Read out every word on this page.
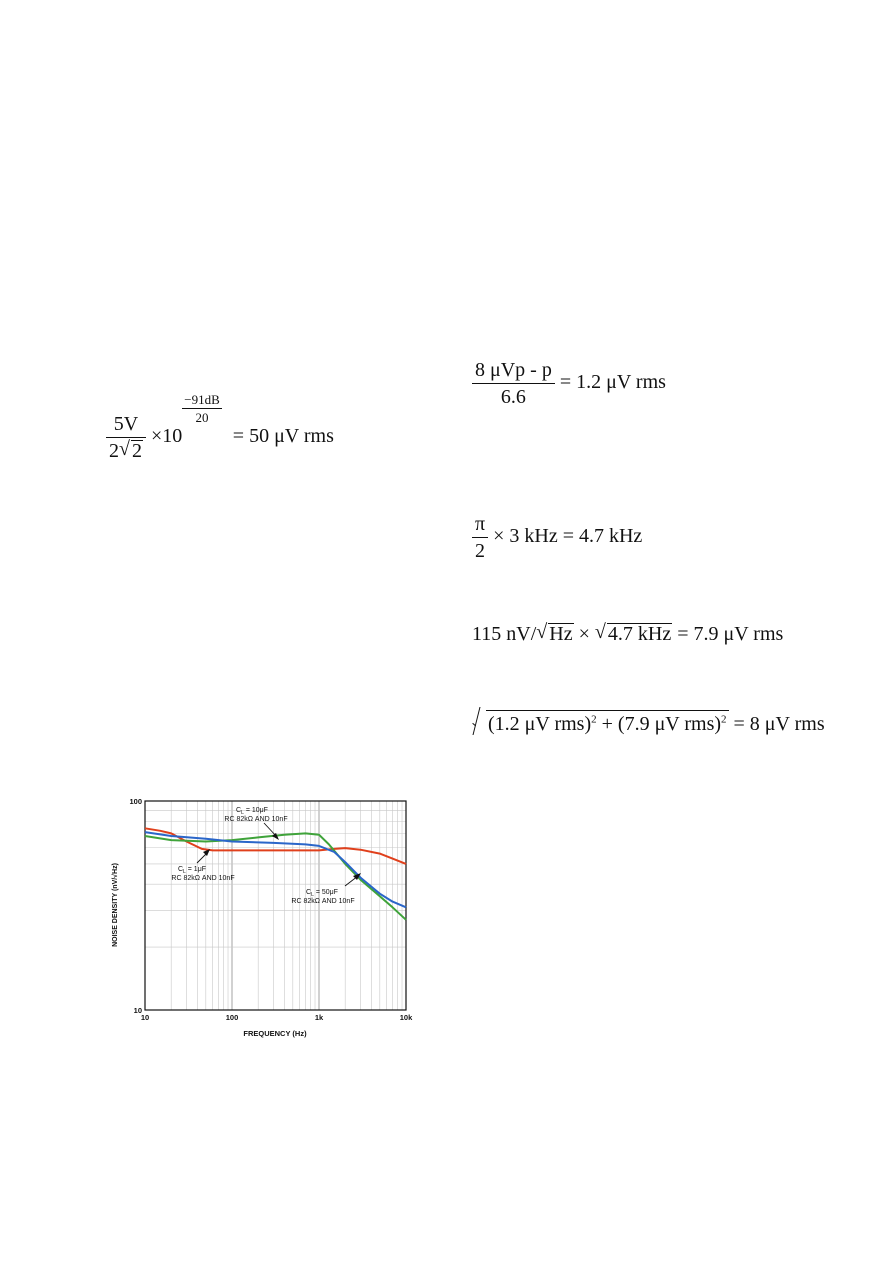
$\frac{5V}{2 √ 2} \times 10$
$\frac{-91dB}{20}$
= 50 μV rms
$\frac{\text{8 μVp - p}}{6.6} = 1.2$ μV rms
$\frac{\pi}{2} \times 3$ kHz = 4.7 kHz
115 nV/ √ Hz × √ 4.7 kHz = 7.9 μV rms
(1.2 μV rms)$^2$ + (7.9 μV rms)$^2$ = 8 μV rms
10	100	1k	10k
10
100
FREQUENCY (Hz)
NOISE DENSITY (nV/√Hz)
$C_L = 10\mu F$
RC 82kΩ AND 10nF
$C_L = 1\mu F$
RC 82kΩ AND 10nF
$C_L = 50\mu F$
RC 82kΩ AND 10nF
